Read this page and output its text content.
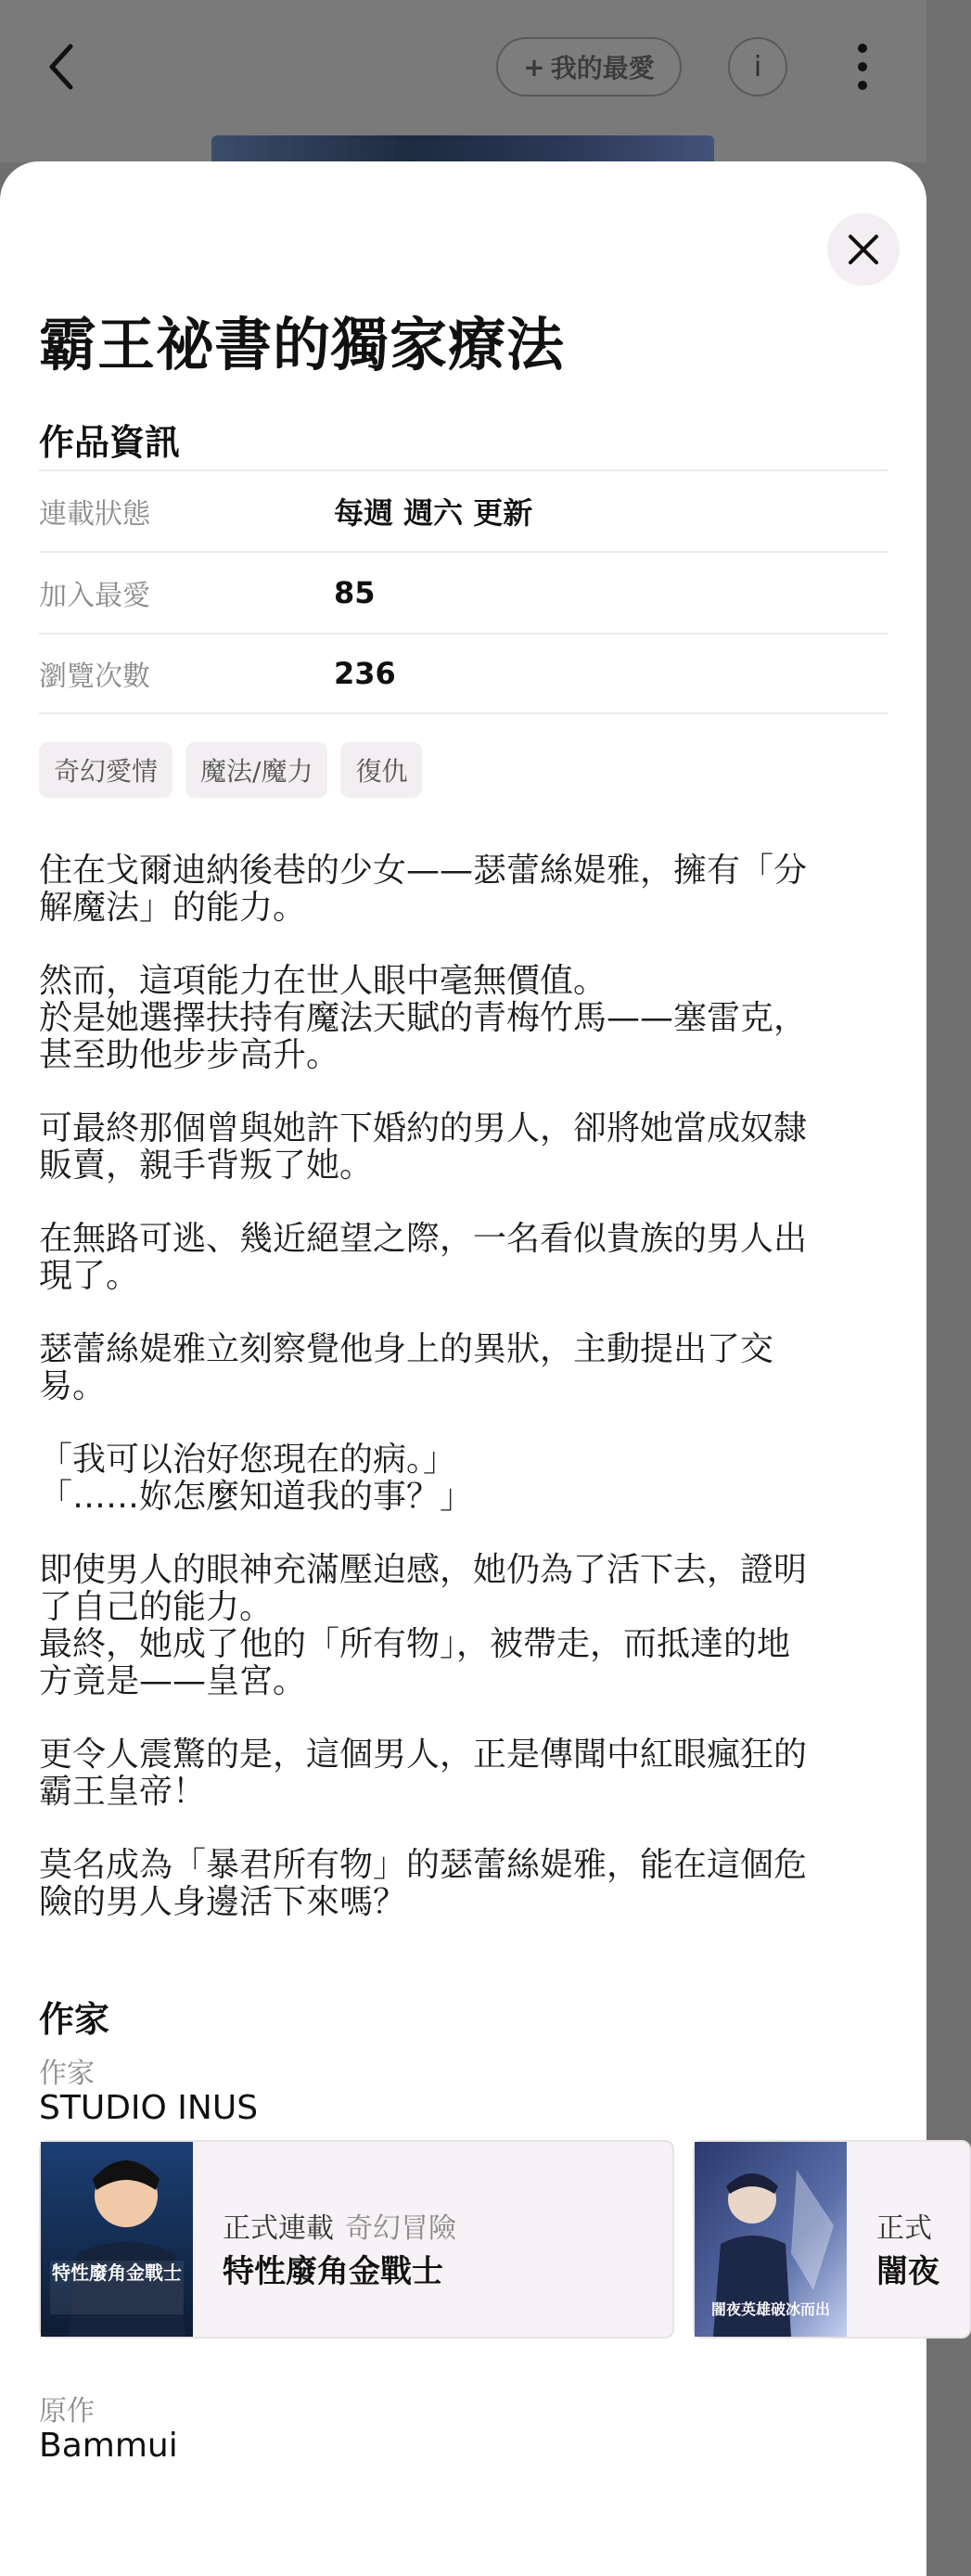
+ 我的最愛	i
霸王祕書的獨家療法
作品資訊
連載狀態	每週 週六 更新
加入最愛	85
瀏覽次數	236
奇幻愛情	魔法/魔力	復仇

住在戈爾迪納後巷的少女——瑟蕾絲媞雅，擁有「分
解魔法」的能力。

然而，這項能力在世人眼中毫無價值。
於是她選擇扶持有魔法天賦的青梅竹馬——塞雷克，
甚至助他步步高升。

可最終那個曾與她許下婚約的男人，卻將她當成奴隸
販賣，親手背叛了她。

在無路可逃、幾近絕望之際，一名看似貴族的男人出
現了。

瑟蕾絲媞雅立刻察覺他身上的異狀，主動提出了交
易。

「我可以治好您現在的病。」
「……妳怎麼知道我的事？」

即使男人的眼神充滿壓迫感，她仍為了活下去，證明
了自己的能力。
最終，她成了他的「所有物」，被帶走，而抵達的地
方竟是——皇宮。

更令人震驚的是，這個男人，正是傳聞中紅眼瘋狂的
霸王皇帝！

莫名成為「暴君所有物」的瑟蕾絲媞雅，能在這個危
險的男人身邊活下來嗎？

作家
作家
STUDIO INUS
特性廢角金戰士
正式連載 奇幻冒險
特性廢角金戰士
闇夜英雄破冰而出
正式
闇夜
原作
Bammui
